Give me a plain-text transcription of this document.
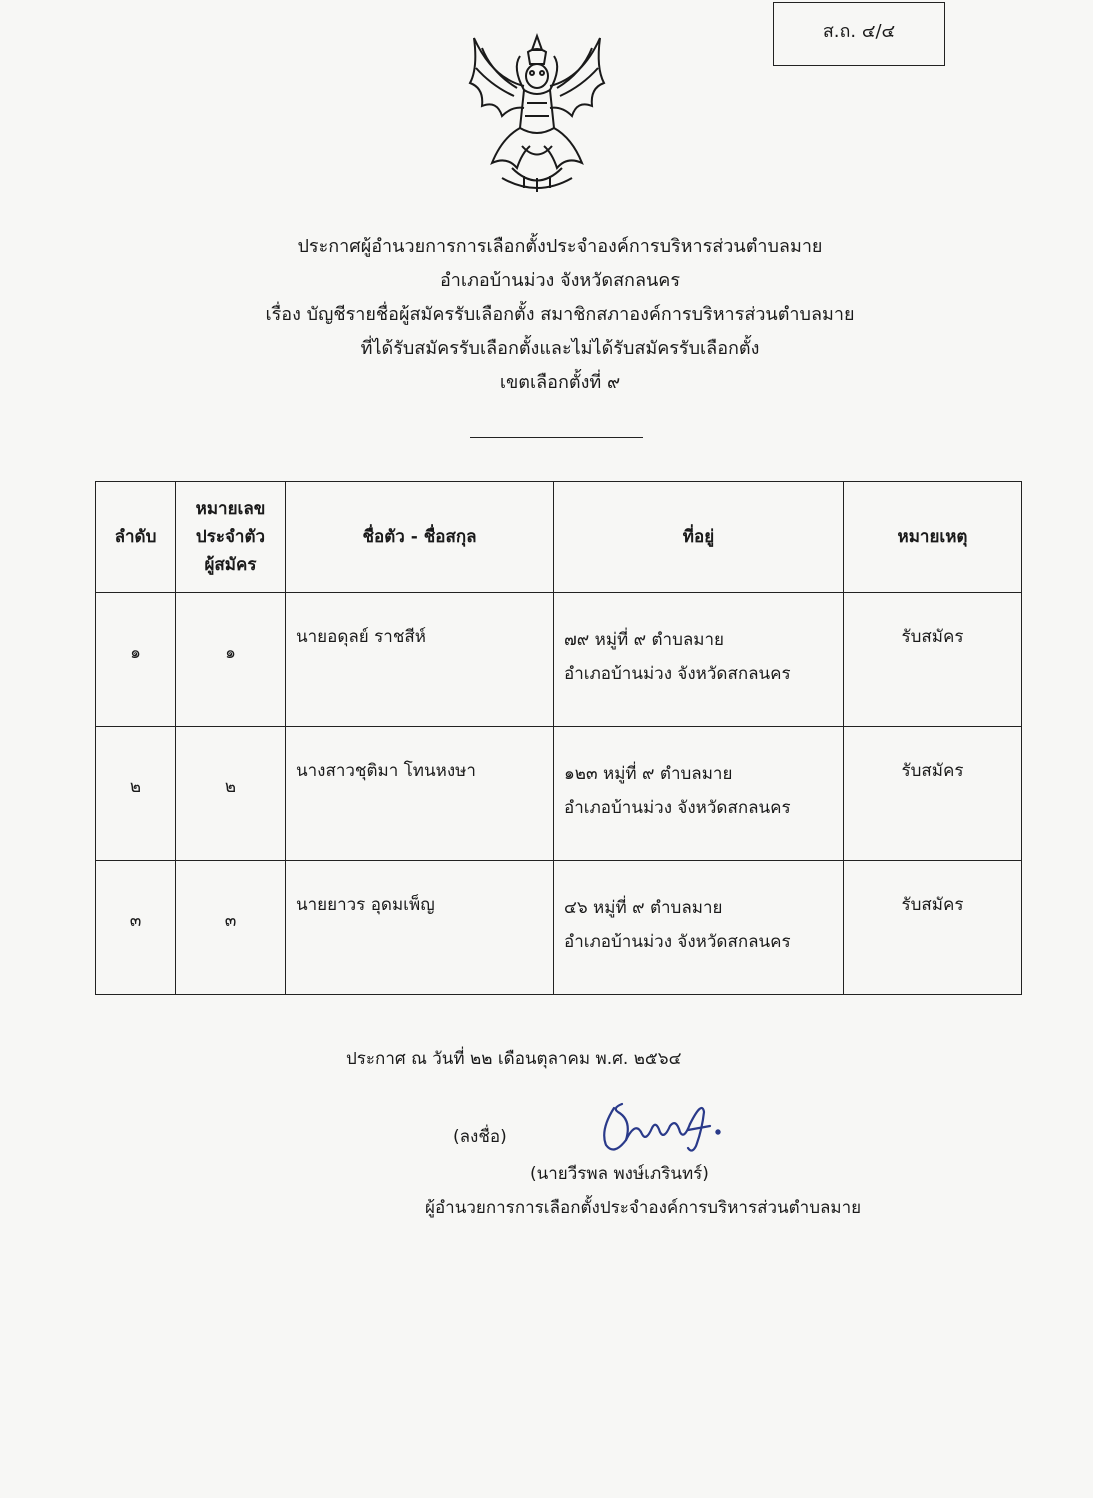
ส.ถ. ๔/๔
ประกาศผู้อำนวยการการเลือกตั้งประจำองค์การบริหารส่วนตำบลมาย
อำเภอบ้านม่วง จังหวัดสกลนคร
เรื่อง บัญชีรายชื่อผู้สมัครรับเลือกตั้ง สมาชิกสภาองค์การบริหารส่วนตำบลมาย
ที่ได้รับสมัครรับเลือกตั้งและไม่ได้รับสมัครรับเลือกตั้ง
เขตเลือกตั้งที่ ๙
ลำดับ	หมายเลข
ประจำตัว
ผู้สมัคร	ชื่อตัว - ชื่อสกุล	ที่อยู่	หมายเหตุ
๑	๑	นายอดุลย์ ราชสีห์	๗๙ หมู่ที่ ๙ ตำบลมาย
อำเภอบ้านม่วง จังหวัดสกลนคร	รับสมัคร
๒	๒	นางสาวชุติมา โทนหงษา	๑๒๓ หมู่ที่ ๙ ตำบลมาย
อำเภอบ้านม่วง จังหวัดสกลนคร	รับสมัคร
๓	๓	นายยาวร อุดมเพ็ญ	๔๖ หมู่ที่ ๙ ตำบลมาย
อำเภอบ้านม่วง จังหวัดสกลนคร	รับสมัคร
ประกาศ ณ วันที่ ๒๒ เดือนตุลาคม พ.ศ. ๒๕๖๔
(ลงชื่อ)
(นายวีรพล พงษ์เภรินทร์)
ผู้อำนวยการการเลือกตั้งประจำองค์การบริหารส่วนตำบลมาย
